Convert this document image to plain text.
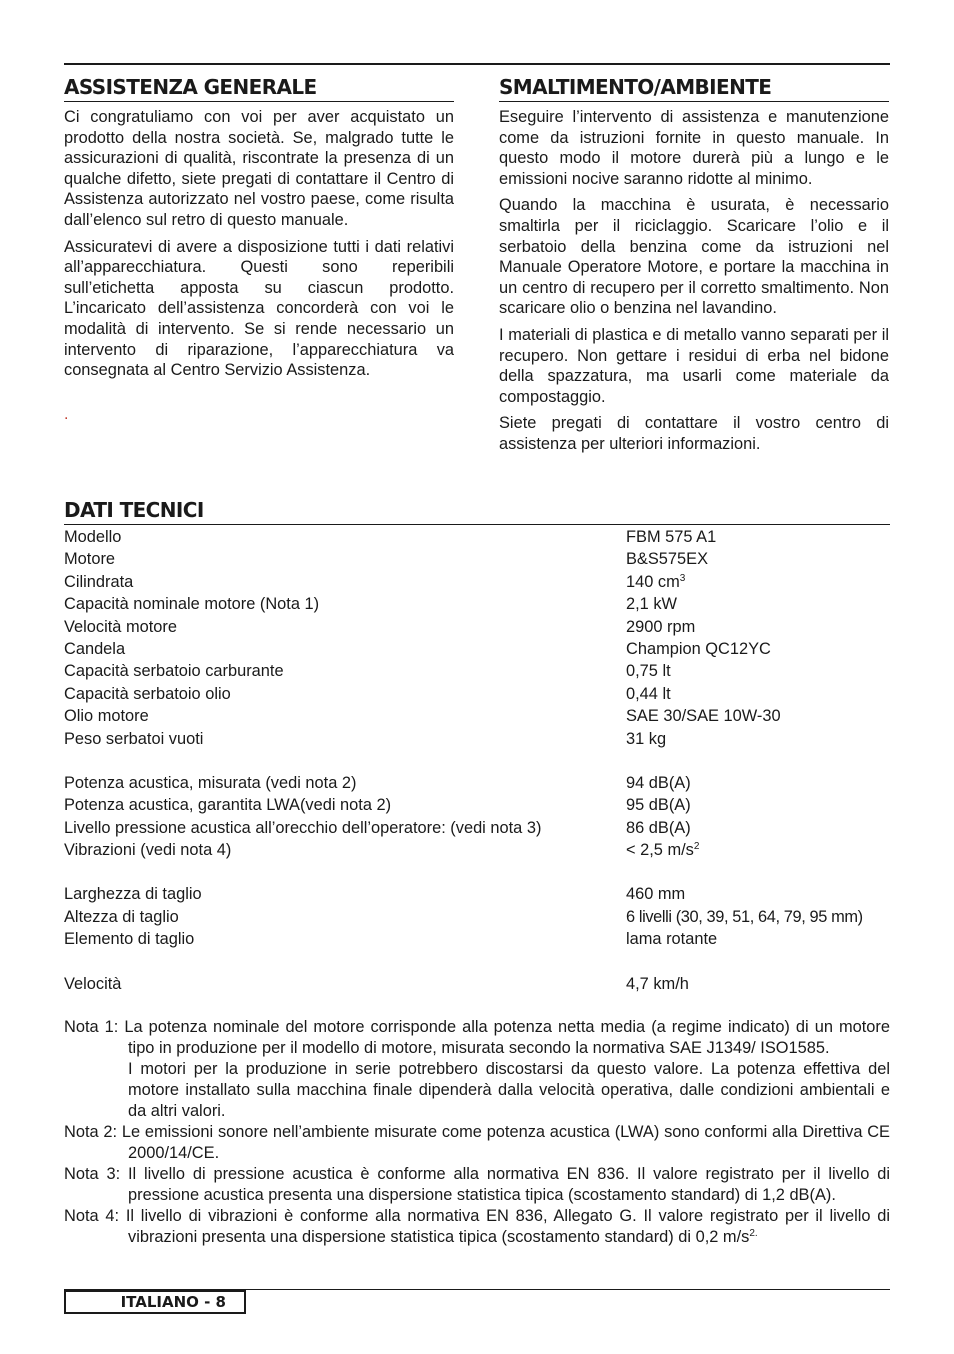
ASSISTENZA GENERALE

Ci congratuliamo con voi per aver acquistato un prodotto della nostra società. Se, malgrado tutte le assicurazioni di qualità, riscontrate la presenza di un qualche difetto, siete pregati di contattare il Centro di Assistenza autorizzato nel vostro paese, come risulta dall’elenco sul retro di questo manuale.

Assicuratevi di avere a disposizione tutti i dati relativi all’apparecchiatura. Questi sono reperibili sull’etichetta apposta su ciascun prodotto. L’incaricato dell’assistenza concorderà con voi le modalità di intervento. Se si rende necessario un intervento di riparazione, l’apparecchiatura va consegnata al Centro Servizio Assistenza.

.
SMALTIMENTO/AMBIENTE

Eseguire l’intervento di assistenza e manutenzione come da istruzioni fornite in questo manuale. In questo modo il motore durerà più a lungo e le emissioni nocive saranno ridotte al minimo.

Quando la macchina è usurata, è necessario smaltirla per il riciclaggio. Scaricare l’olio e il serbatoio della benzina come da istruzioni nel Manuale Operatore Motore, e portare la macchina in un centro di recupero per il corretto smaltimento. Non scaricare olio o benzina nel lavandino.

I materiali di plastica e di metallo vanno separati per il recupero. Non gettare i residui di erba nel bidone della spazzatura, ma usarli come materiale da compostaggio.

Siete pregati di contattare il vostro centro di assistenza per ulteriori informazioni.

DATI TECNICI
Modello	FBM 575 A1
Motore	B&S575EX
Cilindrata	140 $cm^3$
Capacità nominale motore (Nota 1)	2,1 kW
Velocità motore	2900 rpm
Candela	Champion QC12YC
Capacità serbatoio carburante	0,75 lt
Capacità serbatoio olio	0,44 lt
Olio motore	SAE 30/SAE 10W-30
Peso serbatoi vuoti	31 kg
Potenza acustica, misurata (vedi nota 2)	94 dB(A)
Potenza acustica, garantita LWA(vedi nota 2)	95 dB(A)
Livello pressione acustica all’orecchio dell’operatore: (vedi nota 3)	86 dB(A)
Vibrazioni (vedi nota 4)	< 2,5 $m/s^2$
Larghezza di taglio	460 mm
Altezza di taglio	6 livelli (30, 39, 51, 64, 79, 95 mm)
Elemento di taglio	lama rotante
Velocità	4,7 km/h

Nota 1: La potenza nominale del motore corrisponde alla potenza netta media (a regime indicato) di un motore tipo in produzione per il modello di motore, misurata secondo la normativa SAE J1349/ ISO1585.

I motori per la produzione in serie potrebbero discostarsi da questo valore. La potenza effettiva del motore installato sulla macchina finale dipenderà dalla velocità operativa, dalle condizioni ambientali e da altri valori.

Nota 2: Le emissioni sonore nell’ambiente misurate come potenza acustica (LWA) sono conformi alla Direttiva CE 2000/14/CE.

Nota 3: Il livello di pressione acustica è conforme alla normativa EN 836. Il valore registrato per il livello di pressione acustica presenta una dispersione statistica tipica (scostamento standard) di 1,2 dB(A).

Nota 4: Il livello di vibrazioni è conforme alla normativa EN 836, Allegato G. Il valore registrato per il livello di vibrazioni presenta una dispersione statistica tipica (scostamento standard) di 0,2 $m/s^{2.}$

ITALIANO - 8
